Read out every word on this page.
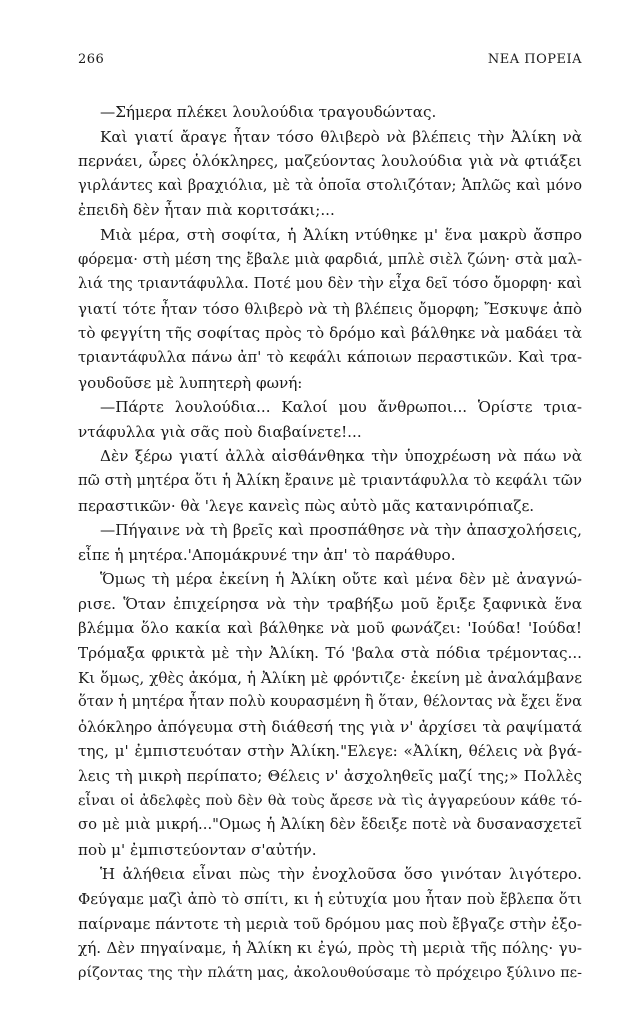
266	ΝΕΑ ΠΟΡΕΙΑ
—Σήμερα πλέκει λουλούδια τραγουδώντας.
Καὶ γιατί ἄραγε ἦταν τόσο θλιβερὸ νὰ βλέπεις τὴν Ἀλίκη νὰ
περνάει, ὧρες ὁλόκληρες, μαζεύοντας λουλούδια γιὰ νὰ φτιάξει
γιρλάντες καὶ βραχιόλια, μὲ τὰ ὁποῖα στολιζόταν; Ἁπλῶς καὶ μόνο
ἐπειδὴ δὲν ἦταν πιὰ κοριτσάκι;...
Μιὰ μέρα, στὴ σοφίτα, ἡ Ἀλίκη ντύθηκε μ' ἕνα μακρὺ ἄσπρο
φόρεμα· στὴ μέση της ἔβαλε μιὰ φαρδιά, μπλὲ σιὲλ ζώνη· στὰ μαλ-
λιά της τριαντάφυλλα. Ποτέ μου δὲν τὴν εἶχα δεῖ τόσο ὄμορφη· καὶ
γιατί τότε ἦταν τόσο θλιβερὸ νὰ τὴ βλέπεις ὄμορφη; Ἔσκυψε ἀπὸ
τὸ φεγγίτη τῆς σοφίτας πρὸς τὸ δρόμο καὶ βάλθηκε νὰ μαδάει τὰ
τριαντάφυλλα πάνω ἀπ' τὸ κεφάλι κάποιων περαστικῶν. Καὶ τρα-
γουδοῦσε μὲ λυπητερὴ φωνή:
—Πάρτε λουλούδια... Καλοί μου ἄνθρωποι... Ὁρίστε τρια-
ντάφυλλα γιὰ σᾶς ποὺ διαβαίνετε!...
Δὲν ξέρω γιατί ἀλλὰ αἰσθάνθηκα τὴν ὑποχρέωση νὰ πάω νὰ
πῶ στὴ μητέρα ὅτι ἡ Ἀλίκη ἔραινε μὲ τριαντάφυλλα τὸ κεφάλι τῶν
περαστικῶν· θὰ 'λεγε κανεὶς πὼς αὐτὸ μᾶς κατανιρόπιαζε.
—Πήγαινε νὰ τὴ βρεῖς καὶ προσπάθησε νὰ τὴν ἀπασχολήσεις,
εἶπε ἡ μητέρα.'Απομάκρυνέ την ἀπ' τὸ παράθυρο.
Ὅμως τὴ μέρα ἐκείνη ἡ Ἀλίκη οὔτε καὶ μένα δὲν μὲ ἀναγνώ-
ρισε. Ὅταν ἐπιχείρησα νὰ τὴν τραβήξω μοῦ ἔριξε ξαφνικὰ ἕνα
βλέμμα ὅλο κακία καὶ βάλθηκε νὰ μοῦ φωνάζει: 'Ιούδα! 'Ιούδα!
Τρόμαξα φρικτὰ μὲ τὴν Ἀλίκη. Τό 'βαλα στὰ πόδια τρέμοντας...
Κι ὅμως, χθὲς ἀκόμα, ἡ Ἀλίκη μὲ φρόντιζε· ἐκείνη μὲ ἀναλάμβανε
ὅταν ἡ μητέρα ἦταν πολὺ κουρασμένη ἢ ὅταν, θέλοντας νὰ ἔχει ἕνα
ὁλόκληρο ἀπόγευμα στὴ διάθεσή της γιὰ ν' ἀρχίσει τὰ ραψίματά
της, μ' ἐμπιστευόταν στὴν Ἀλίκη."Ελεγε: «Ἀλίκη, θέλεις νὰ βγά-
λεις τὴ μικρὴ περίπατο; Θέλεις ν' ἀσχοληθεῖς μαζί της;» Πολλὲς
εἶναι οἱ ἀδελφὲς ποὺ δὲν θὰ τοὺς ἄρεσε νὰ τὶς ἀγγαρεύουν κάθε τό-
σο μὲ μιὰ μικρή..."Ομως ἡ Ἀλίκη δὲν ἔδειξε ποτὲ νὰ δυσανασχετεῖ
ποὺ μ' ἐμπιστεύονταν σ'αὐτήν.
Ἡ ἀλήθεια εἶναι πὼς τὴν ἐνοχλοῦσα ὅσο γινόταν λιγότερο.
Φεύγαμε μαζὶ ἀπὸ τὸ σπίτι, κι ἡ εὐτυχία μου ἦταν ποὺ ἔβλεπα ὅτι
παίρναμε πάντοτε τὴ μεριὰ τοῦ δρόμου μας ποὺ ἔβγαζε στὴν ἐξο-
χή. Δὲν πηγαίναμε, ἡ Ἀλίκη κι ἐγώ, πρὸς τὴ μεριὰ τῆς πόλης· γυ-
ρίζοντας της τὴν πλάτη μας, ἀκολουθούσαμε τὸ πρόχειρο ξύλινο πε-
